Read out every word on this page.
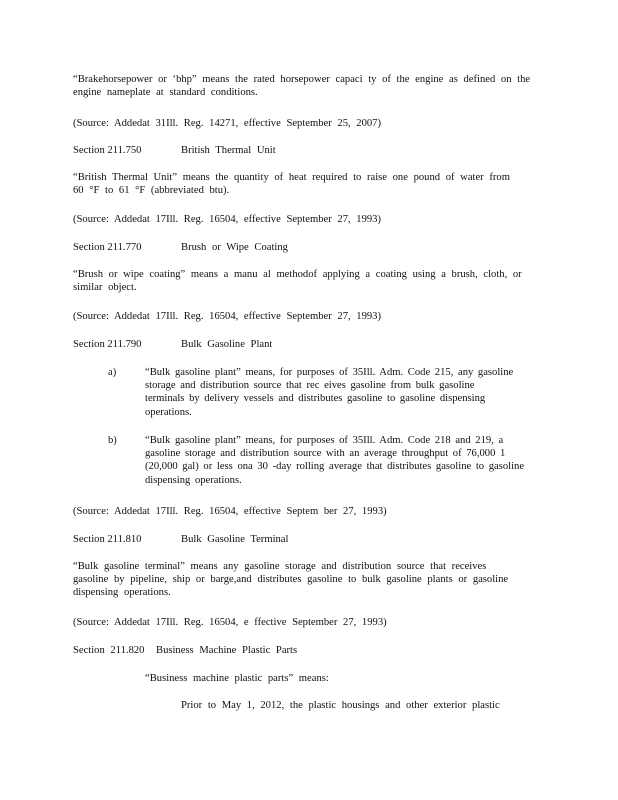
“Brakehorsepower or ‘bhp” means the rated horsepower capaci ty of the engine as defined on the engine nameplate at standard conditions.

(Source: Addedat 31Ill. Reg. 14271, effective September 25, 2007)

Section 211.750	British Thermal Unit

“British Thermal Unit” means the quantity of heat required to raise one pound of water from 60 °F to 61 °F (abbreviated btu).

(Source: Addedat 17Ill. Reg. 16504, effective September 27, 1993)

Section 211.770	Brush or Wipe Coating

“Brush or wipe coating” means a manu al methodof applying a coating using a brush, cloth, or similar object.

(Source: Addedat 17Ill. Reg. 16504, effective September 27, 1993)

Section 211.790	Bulk Gasoline Plant

a)	“Bulk gasoline plant” means, for purposes of 35Ill. Adm. Code 215, any gasoline storage and distribution source that rec eives gasoline from bulk gasoline terminals by delivery vessels and distributes gasoline to gasoline dispensing operations.

b)	“Bulk gasoline plant” means, for purposes of 35Ill. Adm. Code 218 and 219, a gasoline storage and distribution source with an average throughput of 76,000 1 (20,000 gal) or less ona 30 -day rolling average that distributes gasoline to gasoline dispensing operations.

(Source: Addedat 17Ill. Reg. 16504, effective Septem ber 27, 1993)

Section 211.810	Bulk Gasoline Terminal

“Bulk gasoline terminal” means any gasoline storage and distribution source that receives gasoline by pipeline, ship or barge,and distributes gasoline to bulk gasoline plants or gasoline dispensing operations.

(Source: Addedat 17Ill. Reg. 16504, e ffective September 27, 1993)

Section 211.820 Business Machine Plastic Parts

“Business machine plastic parts” means:

Prior to May 1, 2012, the plastic housings and other exterior plastic
